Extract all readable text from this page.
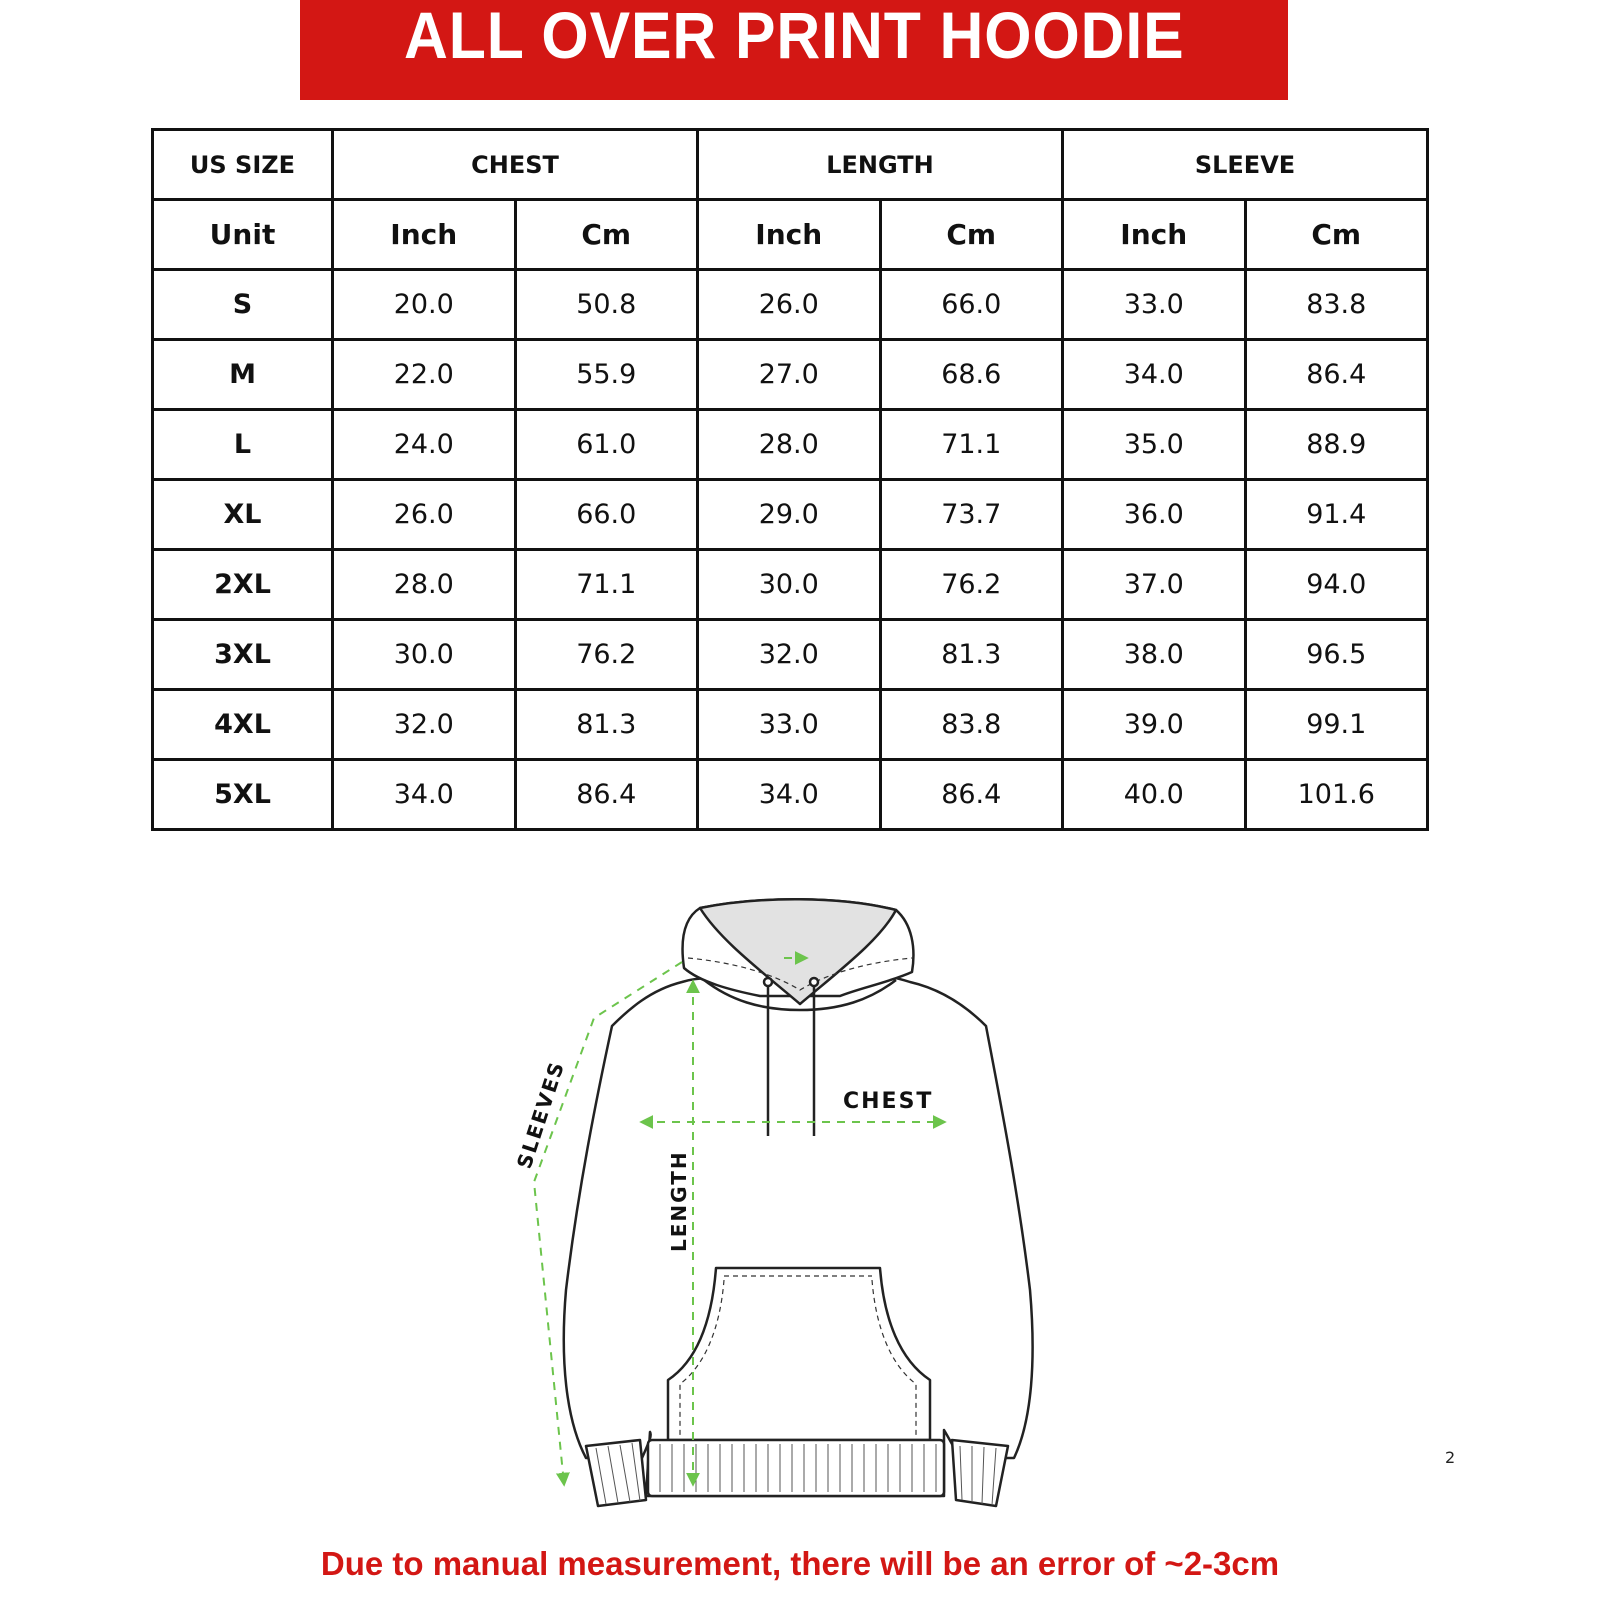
ALL OVER PRINT HOODIE
US SIZE	CHEST		LENGTH		SLEEVE	
Unit	Inch	Cm	Inch	Cm	Inch	Cm
S	20.0	50.8	26.0	66.0	33.0	83.8
M	22.0	55.9	27.0	68.6	34.0	86.4
L	24.0	61.0	28.0	71.1	35.0	88.9
XL	26.0	66.0	29.0	73.7	36.0	91.4
2XL	28.0	71.1	30.0	76.2	37.0	94.0
3XL	30.0	76.2	32.0	81.3	38.0	96.5
4XL	32.0	81.3	33.0	83.8	39.0	99.1
5XL	34.0	86.4	34.0	86.4	40.0	101.6
CHEST
LENGTH
SLEEVES
2
Due to manual measurement, there will be an error of ~2-3cm
